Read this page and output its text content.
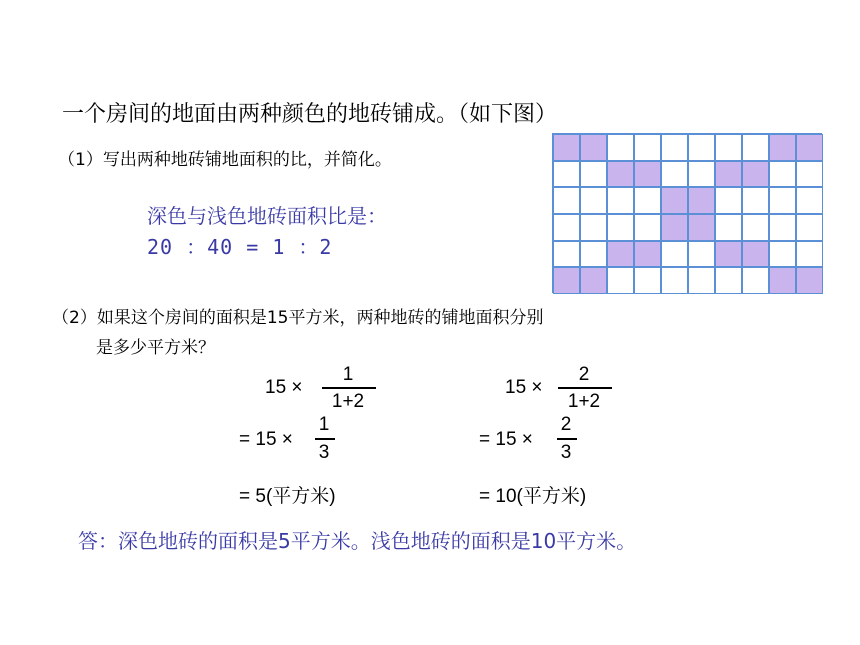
一个房间的地面由两种颜色的地砖铺成。（如下图）
（1）写出两种地砖铺地面积的比，并简化。
深色与浅色地砖面积比是：
20 ：40 = 1 ：2
（2）如果这个房间的面积是15平方米，两种地砖的铺地面积分别
是多少平方米？
15 ×
1
1+2
= 15 ×
1
3
= 5(平方米)
15 ×
2
1+2
= 15 ×
2
3
= 10(平方米)
答：深色地砖的面积是5平方米。浅色地砖的面积是10平方米。
